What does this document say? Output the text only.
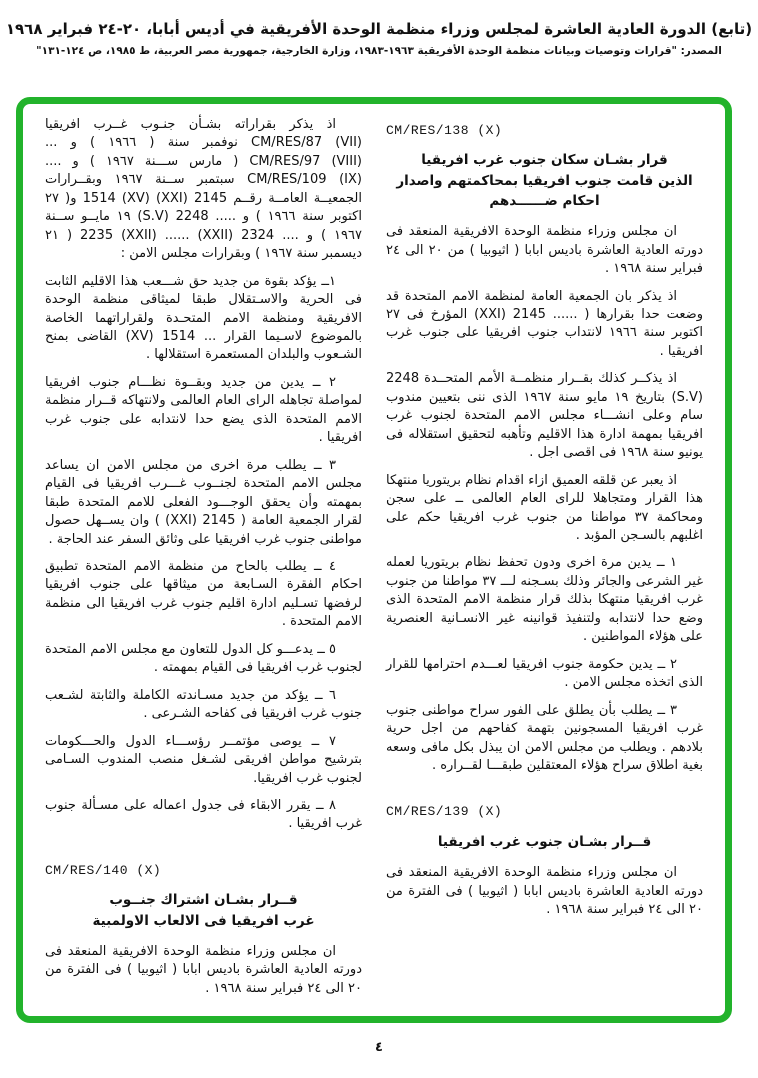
(تابع) الدورة العادية العاشرة لمجلس وزراء منظمة الوحدة الأفريقية في أديس أبابا، ٢٠-٢٤ فبراير ١٩٦٨
المصدر: "قرارات وتوصيات وبيانات منظمة الوحدة الأفريقية ١٩٦٣-١٩٨٣، وزارة الخارجية، جمهورية مصر العربية، ط ١٩٨٥، ص ١٢٤-١٣١"
CM/RES/138 (X)
قرار بشـان سكان جنوب غرب افريقيا
الذين قامت جنوب افريقيا بمحاكمتهم واصدار
احكام ضــــــدهم

ان مجلس وزراء منظمة الوحدة الافريقية المنعقد فى دورته العادية العاشرة باديس ابابا ( اثيوبيا ) من ٢٠ الى ٢٤ فبراير سنة ١٩٦٨ .

اذ يذكر بان الجمعية العامة لمنظمة الامم المتحدة قد وضعت حدا بقرارها ( ...... 2145 (XXI) المؤرخ فى ٢٧ اكتوبر سنة ١٩٦٦ لانتداب جنوب افريقيا على جنوب غرب افريقيا .

اذ يذكــر كذلك بقــرار منظمــة الأمم المتحــدة 2248 (S.V) بتاريخ ١٩ مايو سنة ١٩٦٧ الذى ننى بتعيين مندوب سام وعلى انشـــاء مجلس الامم المتحدة لجنوب غرب افريقيا بمهمة ادارة هذا الاقليم وتأهبه لتحقيق استقلاله فى يونيو سنة ١٩٦٨ فى اقصى اجل .

اذ يعبر عن قلقه العميق ازاء اقدام نظام بريتوريا منتهكا هذا القرار ومتجاهلا للراى العام العالمى ــ على سجن ومحاكمة ٣٧ مواطنا من جنوب غرب افريقيا حكم على اغلبهم بالسـجن المؤبد .

١ ــ يدين مرة اخرى ودون تحفظ نظام بريتوريا لعمله غير الشرعى والجائر وذلك بسـجنه لـــ ٣٧ مواطنا من جنوب غرب افريقيا منتهكا بذلك قرار منظمة الامم المتحدة الذى وضع حدا لانتدابه ولتنفيذ قوانينه غير الانسـانية العنصرية على هؤلاء المواطنين .

٢ ــ يدين حكومة جنوب افريقيا لعـــدم احترامها للقرار الذى اتخذه مجلس الامن .

٣ ــ يطلب بأن يطلق على الفور سراح مواطنى جنوب غرب افريقيا المسجونين بتهمة كفاحهم من اجل حرية بلادهم . ويطلب من مجلس الامن ان يبذل بكل مافى وسعه بغية اطلاق سراح هؤلاء المعتقلين طبقـــا لقــراره .

CM/RES/139 (X)
قــرار بشـان جنوب غرب افريقيا

ان مجلس وزراء منظمة الوحدة الافريقية المنعقد فى دورته العادية العاشرة باديس ابابا ( اثيوبيا ) فى الفترة من ٢٠ الى ٢٤ فبراير سنة ١٩٦٨ .

اذ يذكر بقراراته بشـأن جنـوب غــرب افريقيا CM/RES/87 (VII) نوفمبر سنة ( ١٩٦٦ ) و ... CM/RES/97 (VIII) ( مارس ســـنة ١٩٦٧ ) و .... CM/RES/109 (IX) سبتمبر ســنة ١٩٦٧ وبقــرارات الجمعيــة العامــة رقــم 2145 (XXI) 1514 (XV) و( ٢٧ اكتوبر سنة ١٩٦٦ ) و ..... 2248 (S.V) ١٩ مايــو ســنة ١٩٦٧ ) و .... 2324 (XXII) ...... 2235 (XXII) ( ٢١ ديسمبر سنة ١٩٦٧ ) وبقرارات مجلس الامن :

١ــ يؤكد بقوة من جديد حق شـــعب هذا الاقليم الثابت فى الحرية والاسـتقلال طبقا لميثاقى منظمة الوحدة الافريقية ومنظمة الامم المتحـدة ولقراراتهما الخاصة بالموضوع لاسـيما القرار ... 1514 (XV) القاضى بمنح الشـعوب والبلدان المستعمرة استقلالها .

٢ ــ يدين من جديد وبقــوة نظـــام جنوب افريقيا لمواصلة تجاهله الراى العام العالمى ولانتهاكه قــرار منظمة الامم المتحدة الذى يضع حدا لانتدابه على جنوب غرب افريقيا .

٣ ــ يطلب مرة اخرى من مجلس الامن ان يساعد مجلس الامم المتحدة لجنــوب غـــرب افريقيا فى القيام بمهمته وأن يحقق الوجـــود الفعلى للامم المتحدة طبقا لقرار الجمعية العامة ( 2145 (XXI) ) وان يســهل حصول مواطنى جنوب غرب افريقيا على وثائق السفر عند الحاجة .

٤ ــ يطلب بالحاح من منظمة الامم المتحدة تطبيق احكام الفقرة السـابعة من ميثاقها على جنوب افريقيا لرفضها تسـليم ادارة اقليم جنوب غرب افريقيا الى منظمة الامم المتحدة .

٥ ــ يدعـــو كل الدول للتعاون مع مجلس الامم المتحدة لجنوب غرب افريقيا فى القيام بمهمته .

٦ ــ يؤكد من جديد مسـاندته الكاملة والثابتة لشـعب جنوب غرب افريقيا فى كفاحه الشـرعى .

٧ ــ يوصى مؤتمــر رؤســـاء الدول والحـــكومات بترشيح مواطن افريقى لشـغل منصب المندوب السـامى لجنوب غرب افريقيا.

٨ ــ يقرر الابقاء فى جدول اعماله على مسـألة جنوب غرب افريقيا .

CM/RES/140 (X)
قــرار بشـان اشتراك جنــوب
غرب افريقيا فى الالعاب الاولمبية

ان مجلس وزراء منظمة الوحدة الافريقية المنعقد فى دورته العادية العاشرة باديس ابابا ( اثيوبيا ) فى الفترة من ٢٠ الى ٢٤ فبراير سنة ١٩٦٨ .

٤
